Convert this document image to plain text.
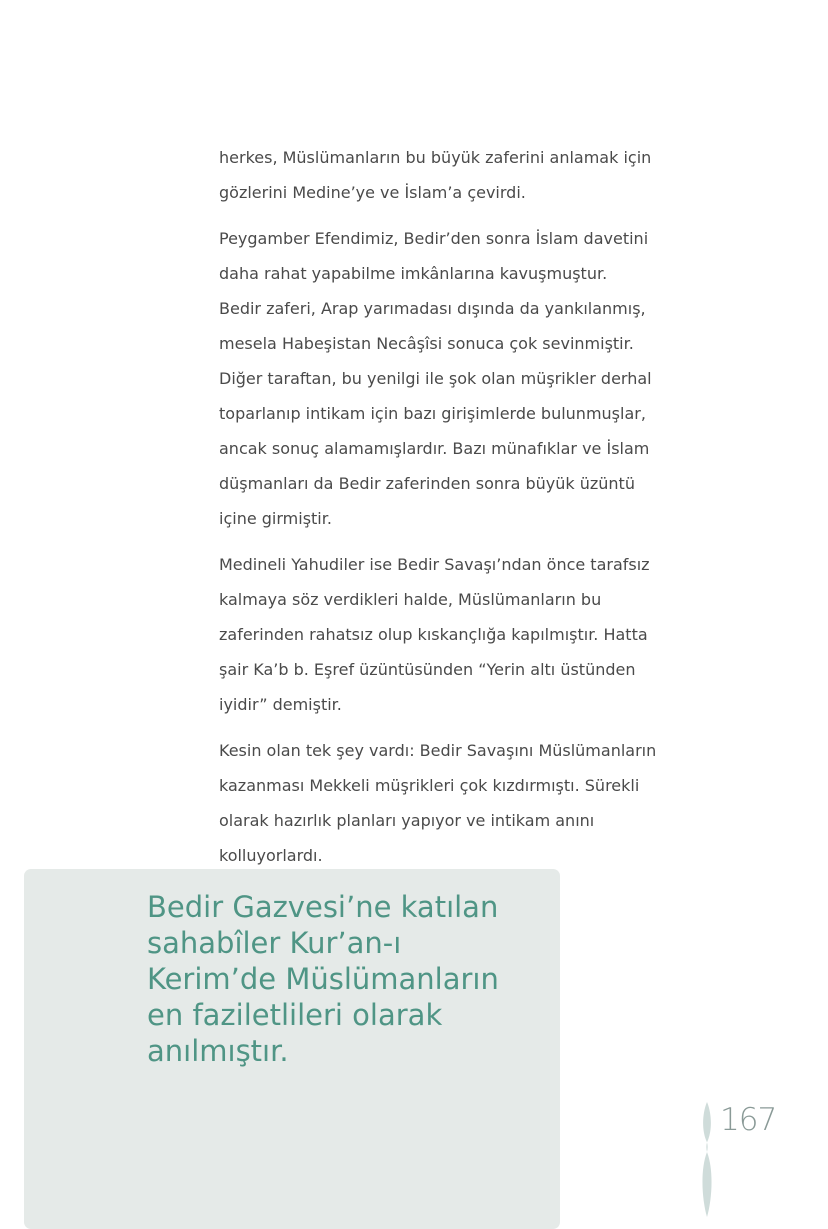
herkes, Müslümanların bu büyük zaferini anlamak için
gözlerini Medine’ye ve İslam’a çevirdi.

Peygamber Efendimiz, Bedir’den sonra İslam davetini
daha rahat yapabilme imkânlarına kavuşmuştur.
Bedir zaferi, Arap yarımadası dışında da yankılanmış,
mesela Habeşistan Necâşîsi sonuca çok sevinmiştir.
Diğer taraftan, bu yenilgi ile şok olan müşrikler derhal
toparlanıp intikam için bazı girişimlerde bulunmuşlar,
ancak sonuç alamamışlardır. Bazı münafıklar ve İslam
düşmanları da Bedir zaferinden sonra büyük üzüntü
içine girmiştir.

Medineli Yahudiler ise Bedir Savaşı’ndan önce tarafsız
kalmaya söz verdikleri halde, Müslümanların bu
zaferinden rahatsız olup kıskançlığa kapılmıştır. Hatta
şair Ka’b b. Eşref üzüntüsünden “Yerin altı üstünden
iyidir” demiştir.

Kesin olan tek şey vardı: Bedir Savaşını Müslümanların
kazanması Mekkeli müşrikleri çok kızdırmıştı. Sürekli
olarak hazırlık planları yapıyor ve intikam anını
kolluyorlardı.

Bedir Gazvesi’ne katılan
sahabîler Kur’an-ı
Kerim’de Müslümanların
en faziletlileri olarak
anılmıştır.
167
